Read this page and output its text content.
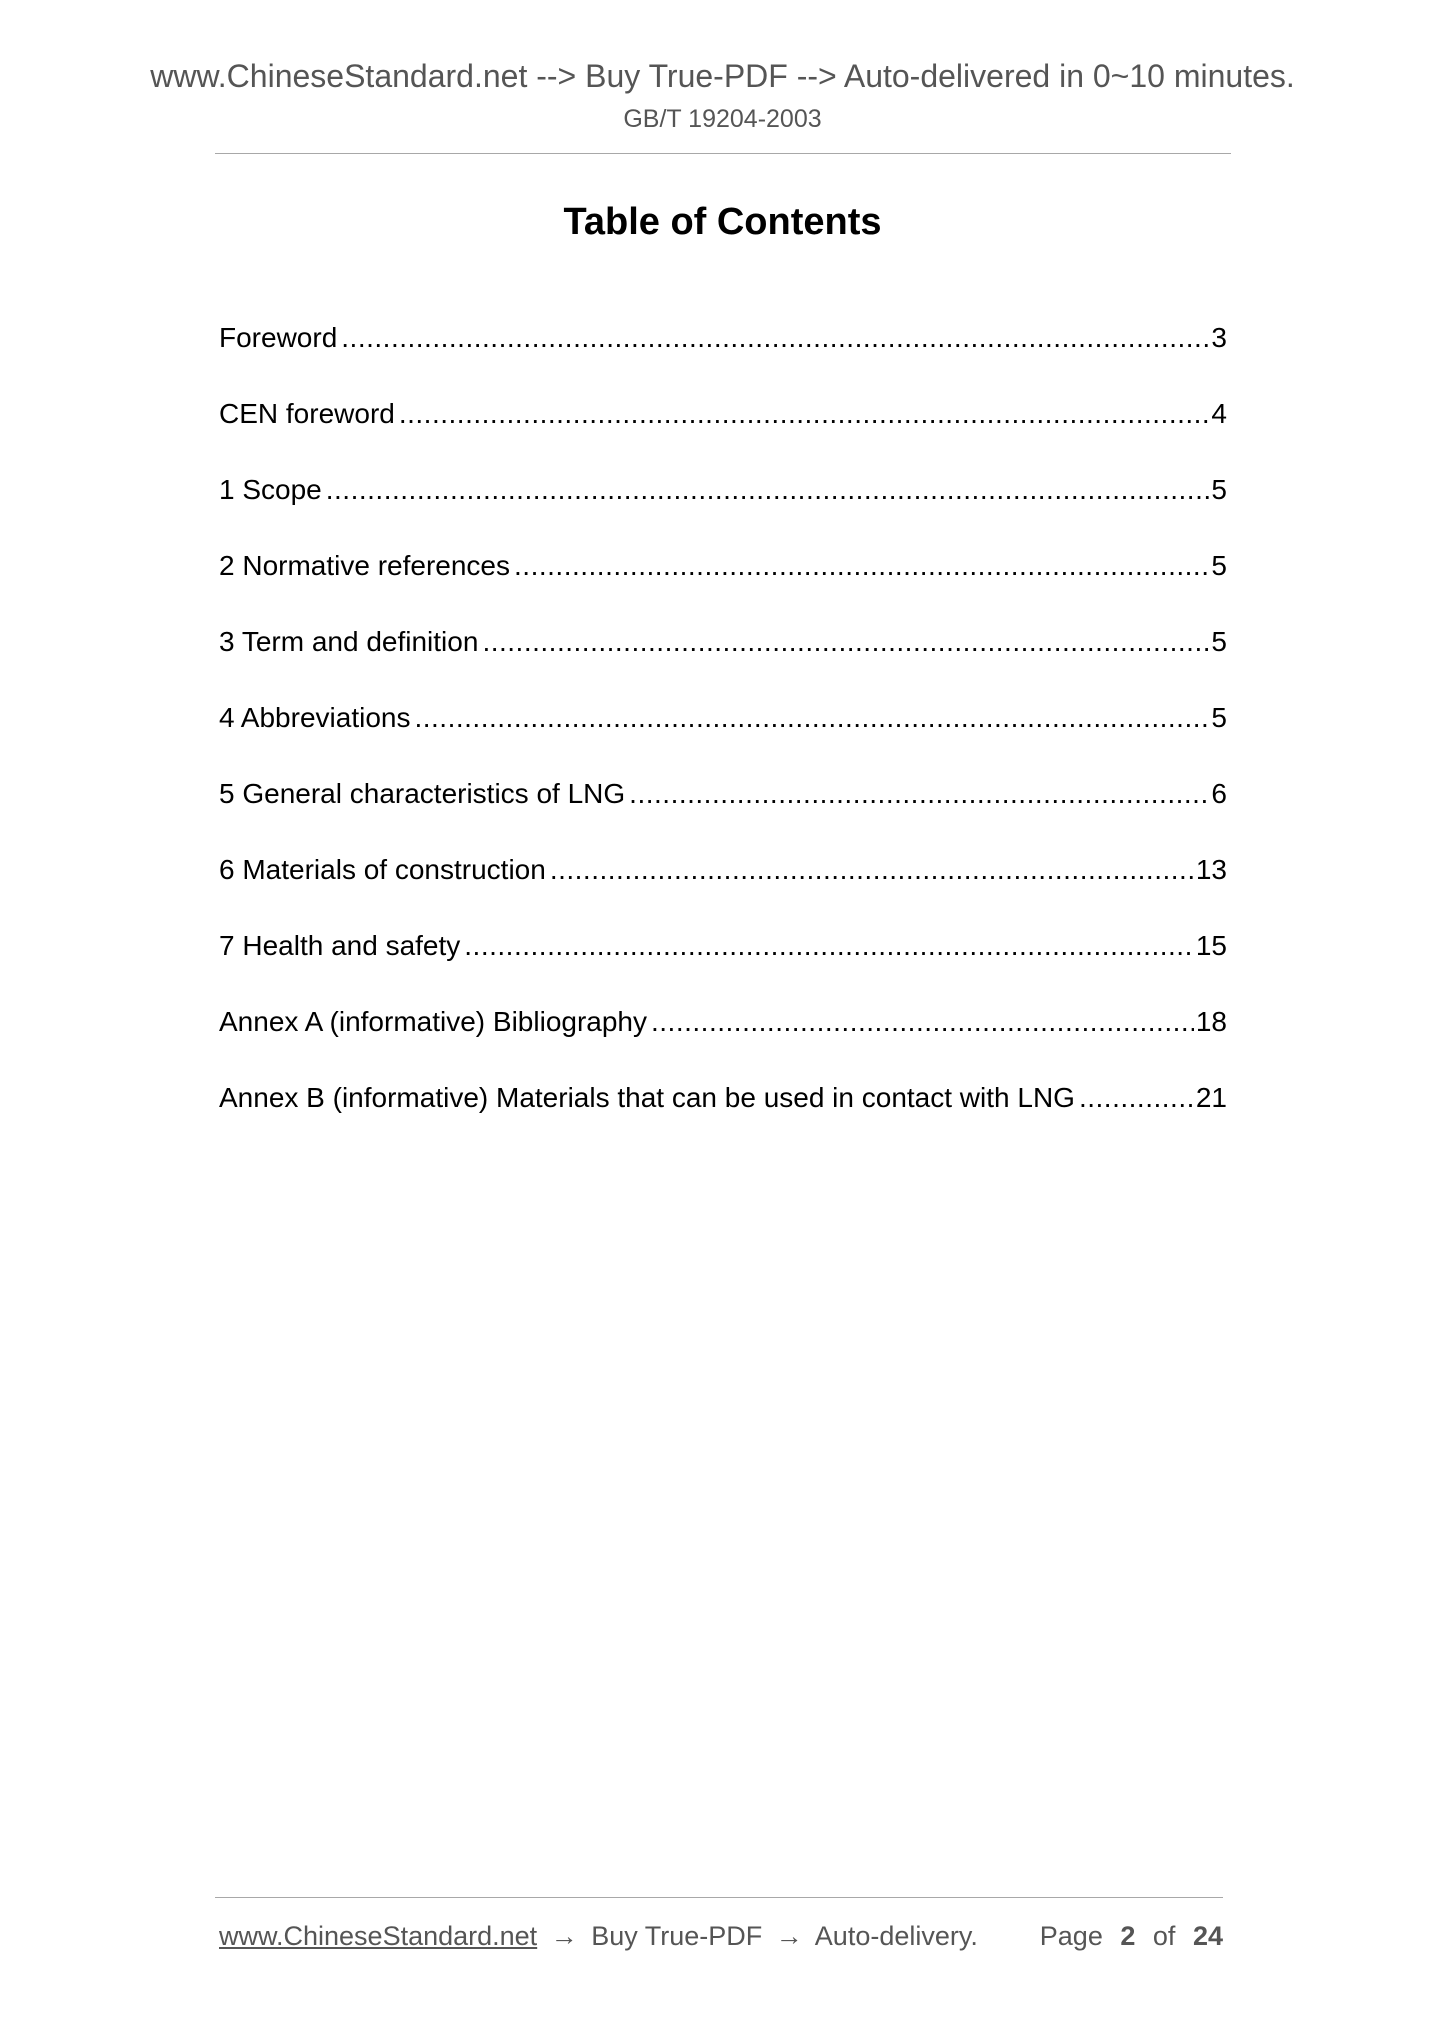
www.ChineseStandard.net --> Buy True-PDF --> Auto-delivered in 0~10 minutes.
GB/T 19204-2003
Table of Contents
Foreword .....	3
CEN foreword .....	4
1 Scope .....	5
2 Normative references .....	5
3 Term and definition .....	5
4 Abbreviations .....	5
5 General characteristics of LNG .....	6
6 Materials of construction .....	13
7 Health and safety .....	15
Annex A (informative) Bibliography .....	18
Annex B (informative) Materials that can be used in contact with LNG .....	21
www.ChineseStandard.net → Buy True-PDF → Auto-delivery. Page 2 of 24
